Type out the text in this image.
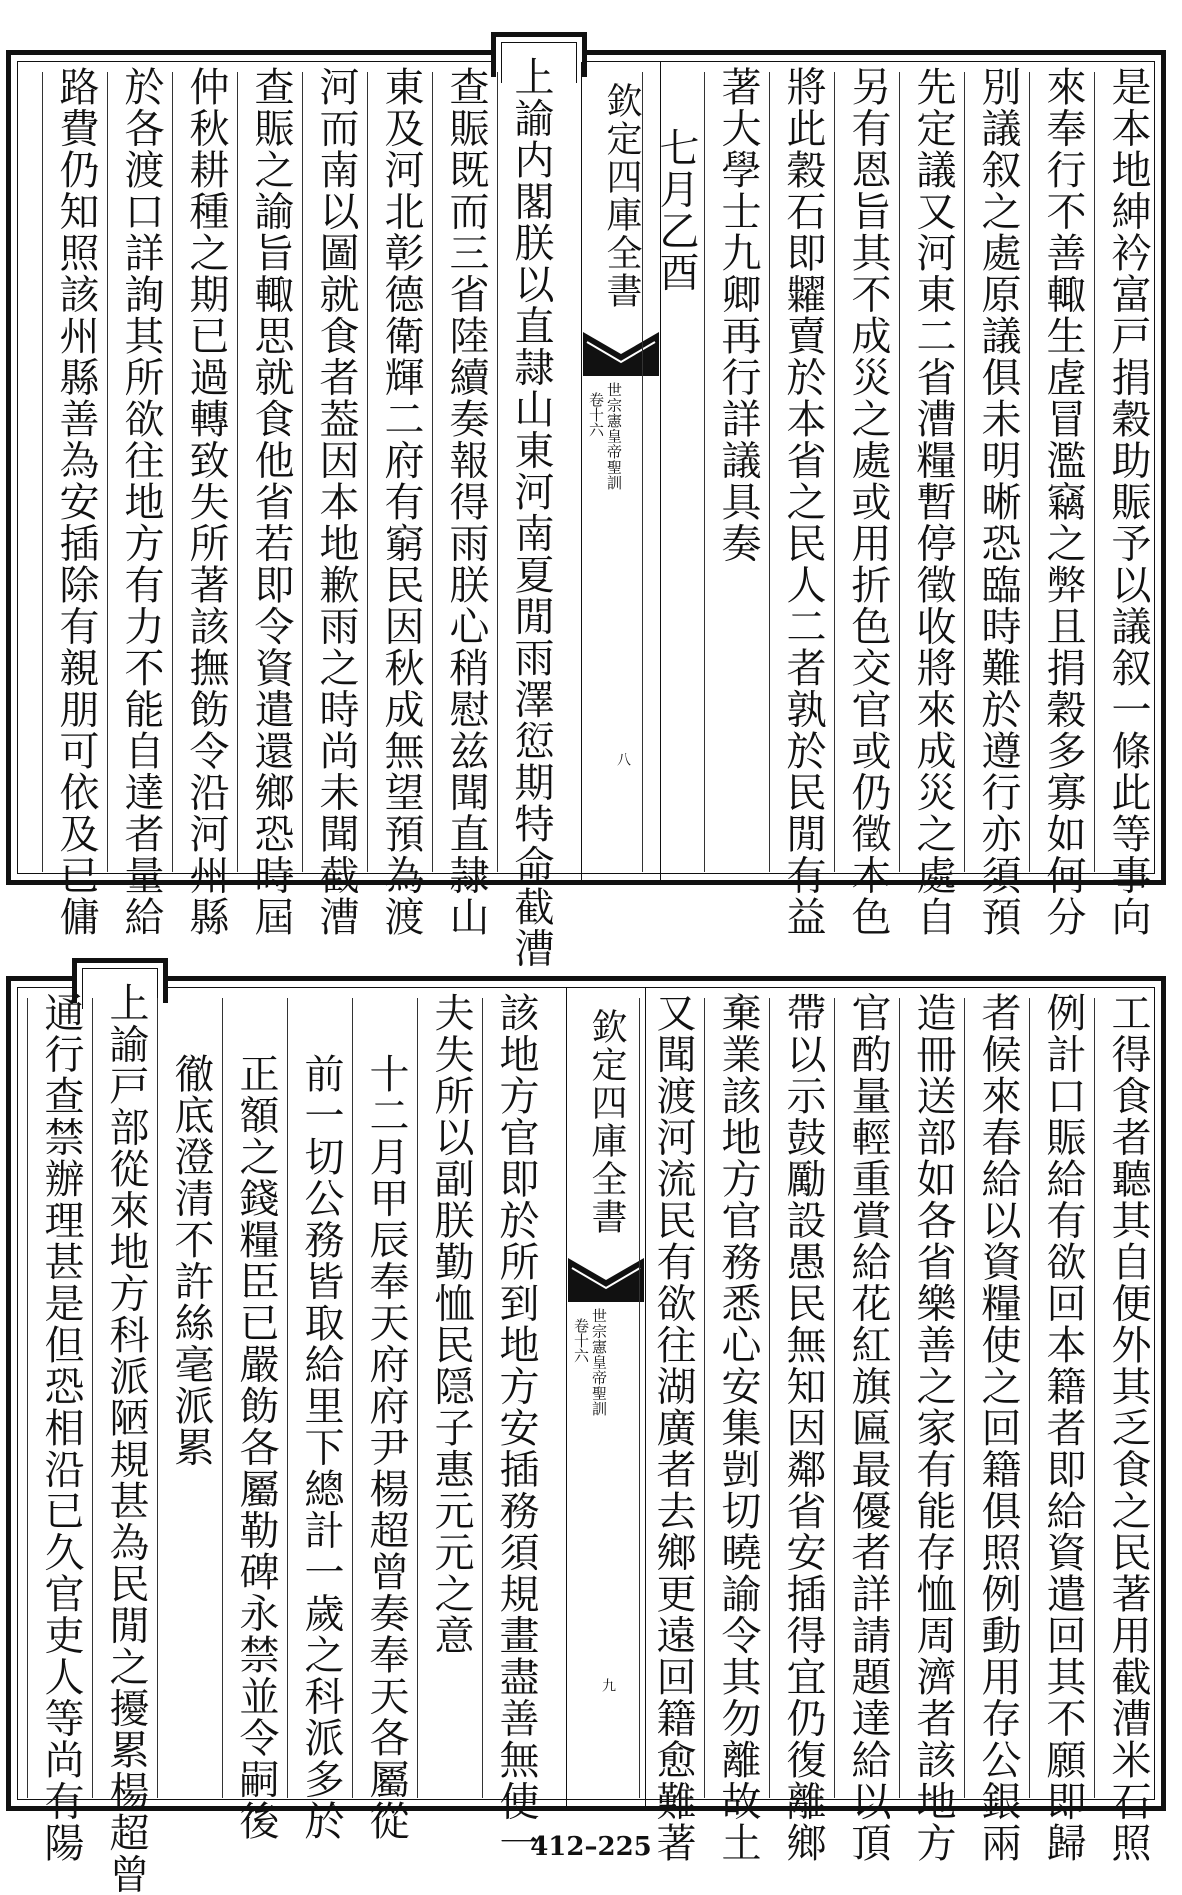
欽定四庫全書
世宗憲皇帝聖訓
卷十六
八	是本地紳衿富戸捐穀助賑予以議叙一條此等事向
來奉行不善輙生虗冒濫竊之弊且捐穀多寡如何分
別議叙之處原議俱未明晰恐臨時難於遵行亦須預
先定議又河東二省漕糧暫停徵收將來成災之處自
另有恩旨其不成災之處或用折色交官或仍徵本色
將此穀石即糶賣於本省之民人二者孰於民閒有益
著大學士九卿再行詳議具奏
七月乙酉
上諭内閣朕以直隷山東河南夏閒雨澤愆期特命截漕
查賑既而三省陸續奏報得雨朕心稍慰兹聞直隷山
東及河北彰德衛輝二府有窮民因秋成無望預為渡
河而南以圖就食者葢因本地歉雨之時尚未聞截漕
查賑之諭旨輙思就食他省若即令資遣還鄉恐時屆
仲秋耕種之期已過轉致失所著該撫飭令沿河州縣
於各渡口詳詢其所欲往地方有力不能自達者量給
路費仍知照該州縣善為安插除有親朋可依及已傭
欽定四庫全書
世宗憲皇帝聖訓
卷十六
九	工得食者聽其自便外其乏食之民著用截漕米石照
例計口賑給有欲回本籍者即給資遣回其不願即歸
者候來春給以資糧使之回籍俱照例動用存公銀兩
造冊送部如各省樂善之家有能存恤周濟者該地方
官酌量輕重賞給花紅旗匾最優者詳請題達給以頂
帶以示鼓勵設愚民無知因鄰省安插得宜仍復離鄉
棄業該地方官務悉心安集剴切曉諭令其勿離故土
又聞渡河流民有欲往湖廣者去鄉更遠回籍愈難著
該地方官即於所到地方安插務須規畫盡善無使一
夫失所以副朕勤恤民隠子惠元元之意
十二月甲辰奉天府府尹楊超曾奏奉天各屬從
前一切公務皆取給里下總計一歲之科派多於
正額之錢糧臣已嚴飭各屬勒碑永禁並令嗣後
徹底澄清不許絲毫派累
上諭戸部從來地方科派陋規甚為民閒之擾累楊超曾
通行查禁辦理甚是但恐相沿已久官吏人等尚有陽	412–225
